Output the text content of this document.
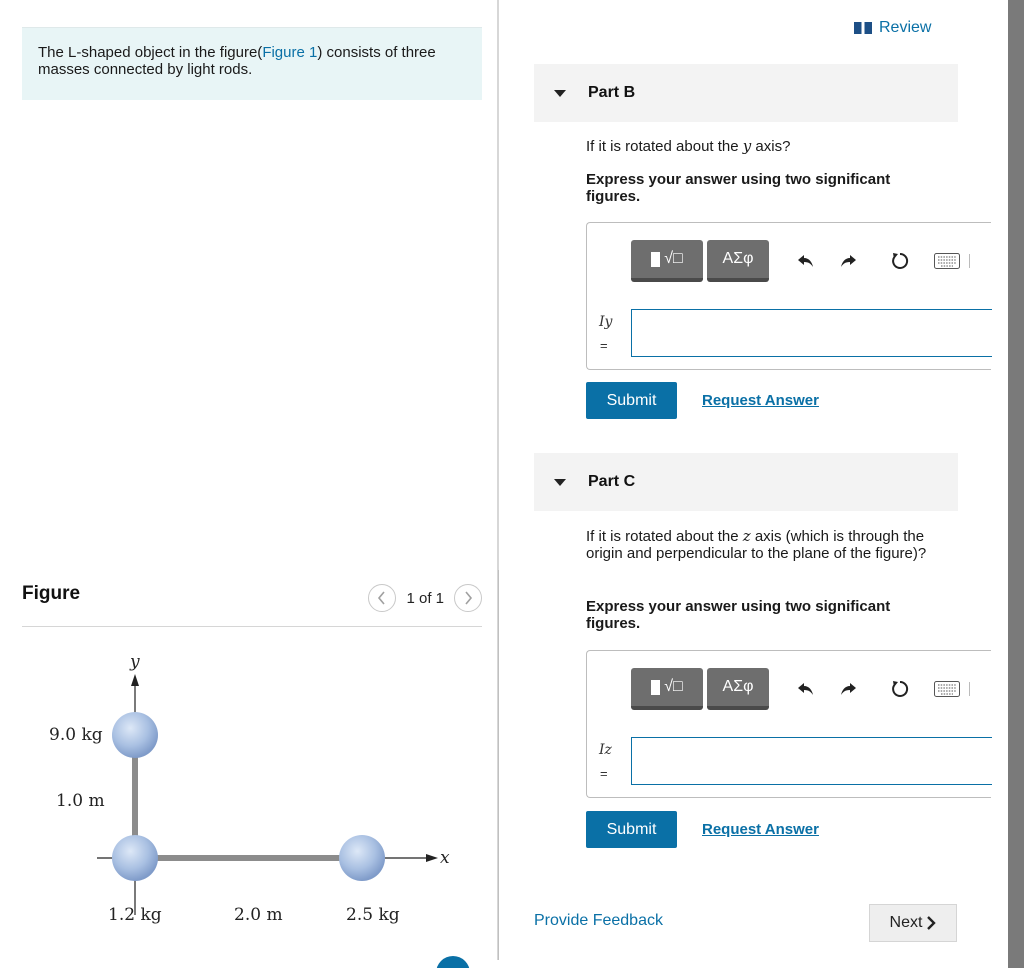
The L-shaped object in the figure(Figure 1) consists of three masses connected by light rods.
Figure	1 of 1
y
x
9.0 kg
1.0 m
1.2 kg	2.0 m	2.5 kg
Review
Part B
If it is rotated about the y axis?
Express your answer using two significant figures.
√□ ΑΣφ
Iy
=
Submit	Request Answer
Part C
If it is rotated about the z axis (which is through the origin and perpendicular to the plane of the figure)?
Express your answer using two significant figures.
√□ ΑΣφ
Iz
=
Submit	Request Answer
Provide Feedback	Next
